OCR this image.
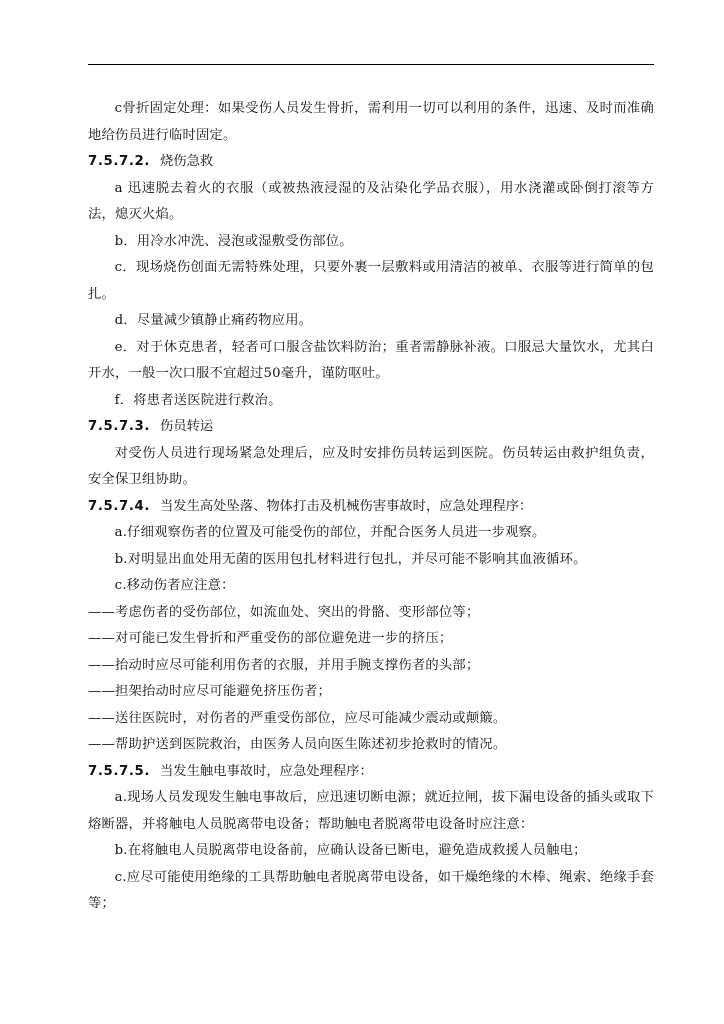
c骨折固定处理：如果受伤人员发生骨折，需利用一切可以利用的条件，迅速、及时而准确地给伤员进行临时固定。

7.5.7.2. 烧伤急救

a 迅速脱去着火的衣服（或被热液浸湿的及沾染化学品衣服），用水浇灌或卧倒打滚等方法，熄灭火焰。

b．用冷水冲洗、浸泡或湿敷受伤部位。

c．现场烧伤创面无需特殊处理，只要外裹一层敷料或用清洁的被单、衣服等进行简单的包扎。

d．尽量减少镇静止痛药物应用。

e．对于休克患者，轻者可口服含盐饮料防治；重者需静脉补液。口服忌大量饮水，尤其白开水，一般一次口服不宜超过50毫升，谨防呕吐。

f．将患者送医院进行救治。

7.5.7.3. 伤员转运

对受伤人员进行现场紧急处理后，应及时安排伤员转运到医院。伤员转运由救护组负责，安全保卫组协助。

7.5.7.4. 当发生高处坠落、物体打击及机械伤害事故时，应急处理程序：

a.仔细观察伤者的位置及可能受伤的部位，并配合医务人员进一步观察。

b.对明显出血处用无菌的医用包扎材料进行包扎，并尽可能不影响其血液循环。

c.移动伤者应注意：

——考虑伤者的受伤部位，如流血处、突出的骨骼、变形部位等；

——对可能已发生骨折和严重受伤的部位避免进一步的挤压；

——抬动时应尽可能利用伤者的衣服，并用手腕支撑伤者的头部；

——担架抬动时应尽可能避免挤压伤者；

——送往医院时，对伤者的严重受伤部位，应尽可能减少震动或颠簸。

——帮助护送到医院救治，由医务人员向医生陈述初步抢救时的情况。

7.5.7.5. 当发生触电事故时，应急处理程序：

a.现场人员发现发生触电事故后，应迅速切断电源；就近拉闸，拔下漏电设备的插头或取下熔断器，并将触电人员脱离带电设备；帮助触电者脱离带电设备时应注意：

b.在将触电人员脱离带电设备前，应确认设备已断电，避免造成救援人员触电；

c.应尽可能使用绝缘的工具帮助触电者脱离带电设备，如干燥绝缘的木棒、绳索、绝缘手套等；
